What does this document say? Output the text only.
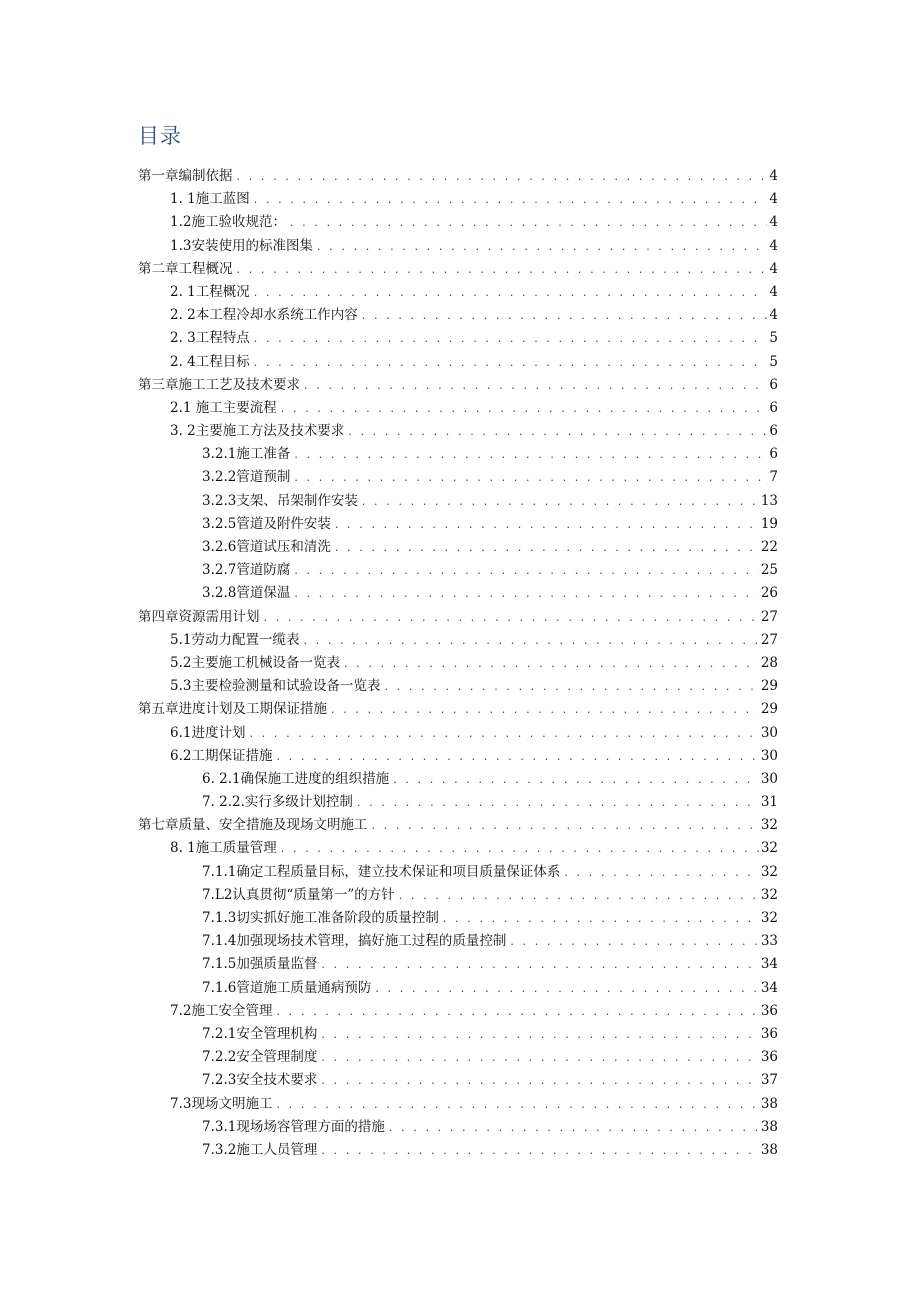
目录
第一章编制依据 . . .	4
1. 1施工蓝图 . . .	4
1.2施工验收规范： . . .	4
1.3安装使用的标准图集 . . .	4
第二章工程概况 . . .	4
2. 1工程概况 . . .	4
2. 2本工程冷却水系统工作内容 . . .	4
2. 3工程特点 . . .	5
2. 4工程目标 . . .	5
第三章施工工艺及技术要求 . . .	6
2.1 施工主要流程 . . .	6
3. 2主要施工方法及技术要求 . . .	6
3.2.1施工准备 . . .	6
3.2.2管道预制 . . .	7
3.2.3支架、吊架制作安装 . . .	13
3.2.5管道及附件安装 . . .	19
3.2.6管道试压和清洗 . . .	22
3.2.7管道防腐 . . .	25
3.2.8管道保温 . . .	26
第四章资源需用计划 . . .	27
5.1劳动力配置一缆表 . . .	27
5.2主要施工机械设备一览表 . . .	28
5.3主要检验测量和试验设备一览表 . . .	29
第五章进度计划及工期保证措施 . . .	29
6.1进度计划 . . .	30
6.2工期保证措施 . . .	30
6. 2.1确保施工进度的组织措施 . . .	30
7. 2.2.实行多级计划控制 . . .	31
第七章质量、安全措施及现场文明施工 . . .	32
8. 1施工质量管理 . . .	32
7.1.1确定工程质量目标，建立技术保证和项目质量保证体系 . . .	32
7.L2认真贯彻“质量第一”的方针 . . .	32
7.1.3切实抓好施工准备阶段的质量控制 . . .	32
7.1.4加强现场技术管理，搞好施工过程的质量控制 . . .	33
7.1.5加强质量监督 . . .	34
7.1.6管道施工质量通病预防 . . .	34
7.2施工安全管理 . . .	36
7.2.1安全管理机构 . . .	36
7.2.2安全管理制度 . . .	36
7.2.3安全技术要求 . . .	37
7.3现场文明施工 . . .	38
7.3.1现场场容管理方面的措施 . . .	38
7.3.2施工人员管理 . . .	38
